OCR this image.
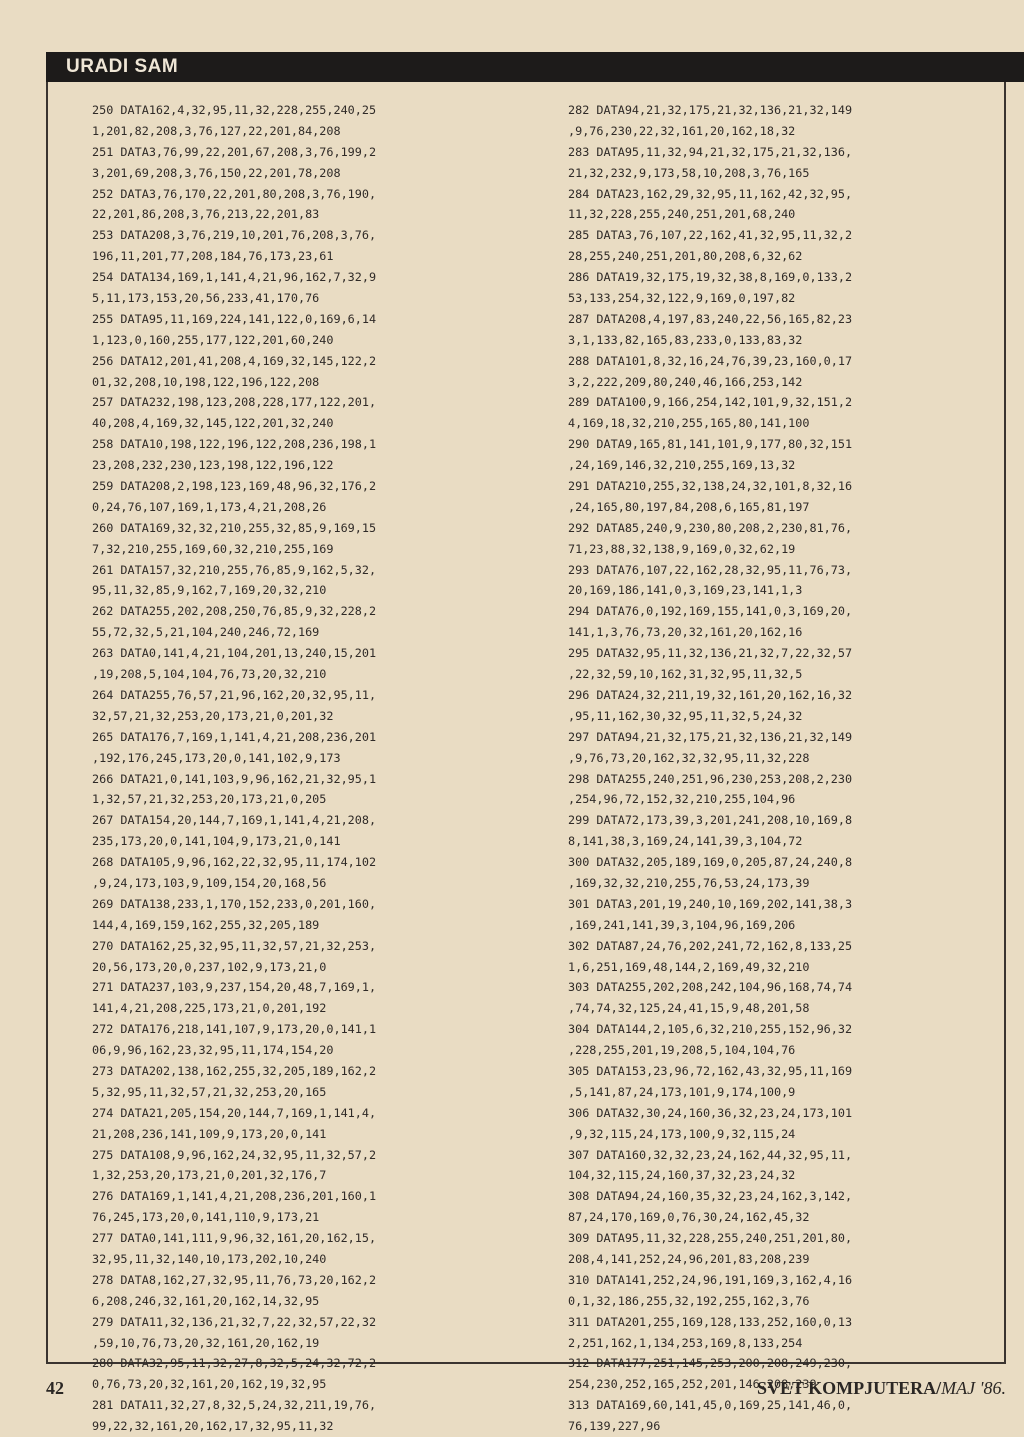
URADI SAM
250 DATA162,4,32,95,11,32,228,255,240,25
1,201,82,208,3,76,127,22,201,84,208
251 DATA3,76,99,22,201,67,208,3,76,199,2
3,201,69,208,3,76,150,22,201,78,208
252 DATA3,76,170,22,201,80,208,3,76,190,
22,201,86,208,3,76,213,22,201,83
253 DATA208,3,76,219,10,201,76,208,3,76,
196,11,201,77,208,184,76,173,23,61
254 DATA134,169,1,141,4,21,96,162,7,32,9
5,11,173,153,20,56,233,41,170,76
255 DATA95,11,169,224,141,122,0,169,6,14
1,123,0,160,255,177,122,201,60,240
256 DATA12,201,41,208,4,169,32,145,122,2
01,32,208,10,198,122,196,122,208
257 DATA232,198,123,208,228,177,122,201,
40,208,4,169,32,145,122,201,32,240
258 DATA10,198,122,196,122,208,236,198,1
23,208,232,230,123,198,122,196,122
259 DATA208,2,198,123,169,48,96,32,176,2
0,24,76,107,169,1,173,4,21,208,26
260 DATA169,32,32,210,255,32,85,9,169,15
7,32,210,255,169,60,32,210,255,169
261 DATA157,32,210,255,76,85,9,162,5,32,
95,11,32,85,9,162,7,169,20,32,210
262 DATA255,202,208,250,76,85,9,32,228,2
55,72,32,5,21,104,240,246,72,169
263 DATA0,141,4,21,104,201,13,240,15,201
,19,208,5,104,104,76,73,20,32,210
264 DATA255,76,57,21,96,162,20,32,95,11,
32,57,21,32,253,20,173,21,0,201,32
265 DATA176,7,169,1,141,4,21,208,236,201
,192,176,245,173,20,0,141,102,9,173
266 DATA21,0,141,103,9,96,162,21,32,95,1
1,32,57,21,32,253,20,173,21,0,205
267 DATA154,20,144,7,169,1,141,4,21,208,
235,173,20,0,141,104,9,173,21,0,141
268 DATA105,9,96,162,22,32,95,11,174,102
,9,24,173,103,9,109,154,20,168,56
269 DATA138,233,1,170,152,233,0,201,160,
144,4,169,159,162,255,32,205,189
270 DATA162,25,32,95,11,32,57,21,32,253,
20,56,173,20,0,237,102,9,173,21,0
271 DATA237,103,9,237,154,20,48,7,169,1,
141,4,21,208,225,173,21,0,201,192
272 DATA176,218,141,107,9,173,20,0,141,1
06,9,96,162,23,32,95,11,174,154,20
273 DATA202,138,162,255,32,205,189,162,2
5,32,95,11,32,57,21,32,253,20,165
274 DATA21,205,154,20,144,7,169,1,141,4,
21,208,236,141,109,9,173,20,0,141
275 DATA108,9,96,162,24,32,95,11,32,57,2
1,32,253,20,173,21,0,201,32,176,7
276 DATA169,1,141,4,21,208,236,201,160,1
76,245,173,20,0,141,110,9,173,21
277 DATA0,141,111,9,96,32,161,20,162,15,
32,95,11,32,140,10,173,202,10,240
278 DATA8,162,27,32,95,11,76,73,20,162,2
6,208,246,32,161,20,162,14,32,95
279 DATA11,32,136,21,32,7,22,32,57,22,32
,59,10,76,73,20,32,161,20,162,19
280 DATA32,95,11,32,27,8,32,5,24,32,72,2
0,76,73,20,32,161,20,162,19,32,95
281 DATA11,32,27,8,32,5,24,32,211,19,76,
99,22,32,161,20,162,17,32,95,11,32
282 DATA94,21,32,175,21,32,136,21,32,149
,9,76,230,22,32,161,20,162,18,32
283 DATA95,11,32,94,21,32,175,21,32,136,
21,32,232,9,173,58,10,208,3,76,165
284 DATA23,162,29,32,95,11,162,42,32,95,
11,32,228,255,240,251,201,68,240
285 DATA3,76,107,22,162,41,32,95,11,32,2
28,255,240,251,201,80,208,6,32,62
286 DATA19,32,175,19,32,38,8,169,0,133,2
53,133,254,32,122,9,169,0,197,82
287 DATA208,4,197,83,240,22,56,165,82,23
3,1,133,82,165,83,233,0,133,83,32
288 DATA101,8,32,16,24,76,39,23,160,0,17
3,2,222,209,80,240,46,166,253,142
289 DATA100,9,166,254,142,101,9,32,151,2
4,169,18,32,210,255,165,80,141,100
290 DATA9,165,81,141,101,9,177,80,32,151
,24,169,146,32,210,255,169,13,32
291 DATA210,255,32,138,24,32,101,8,32,16
,24,165,80,197,84,208,6,165,81,197
292 DATA85,240,9,230,80,208,2,230,81,76,
71,23,88,32,138,9,169,0,32,62,19
293 DATA76,107,22,162,28,32,95,11,76,73,
20,169,186,141,0,3,169,23,141,1,3
294 DATA76,0,192,169,155,141,0,3,169,20,
141,1,3,76,73,20,32,161,20,162,16
295 DATA32,95,11,32,136,21,32,7,22,32,57
,22,32,59,10,162,31,32,95,11,32,5
296 DATA24,32,211,19,32,161,20,162,16,32
,95,11,162,30,32,95,11,32,5,24,32
297 DATA94,21,32,175,21,32,136,21,32,149
,9,76,73,20,162,32,32,95,11,32,228
298 DATA255,240,251,96,230,253,208,2,230
,254,96,72,152,32,210,255,104,96
299 DATA72,173,39,3,201,241,208,10,169,8
8,141,38,3,169,24,141,39,3,104,72
300 DATA32,205,189,169,0,205,87,24,240,8
,169,32,32,210,255,76,53,24,173,39
301 DATA3,201,19,240,10,169,202,141,38,3
,169,241,141,39,3,104,96,169,206
302 DATA87,24,76,202,241,72,162,8,133,25
1,6,251,169,48,144,2,169,49,32,210
303 DATA255,202,208,242,104,96,168,74,74
,74,74,32,125,24,41,15,9,48,201,58
304 DATA144,2,105,6,32,210,255,152,96,32
,228,255,201,19,208,5,104,104,76
305 DATA153,23,96,72,162,43,32,95,11,169
,5,141,87,24,173,101,9,174,100,9
306 DATA32,30,24,160,36,32,23,24,173,101
,9,32,115,24,173,100,9,32,115,24
307 DATA160,32,32,23,24,162,44,32,95,11,
104,32,115,24,160,37,32,23,24,32
308 DATA94,24,160,35,32,23,24,162,3,142,
87,24,170,169,0,76,30,24,162,45,32
309 DATA95,11,32,228,255,240,251,201,80,
208,4,141,252,24,96,201,83,208,239
310 DATA141,252,24,96,191,169,3,162,4,16
0,1,32,186,255,32,192,255,162,3,76
311 DATA201,255,169,128,133,252,160,0,13
2,251,162,1,134,253,169,8,133,254
312 DATA177,251,145,253,200,208,249,230,
254,230,252,165,252,201,146,208,239
313 DATA169,60,141,45,0,169,25,141,46,0,
76,139,227,96
42	SVET KOMPJUTERA/MAJ '86.
